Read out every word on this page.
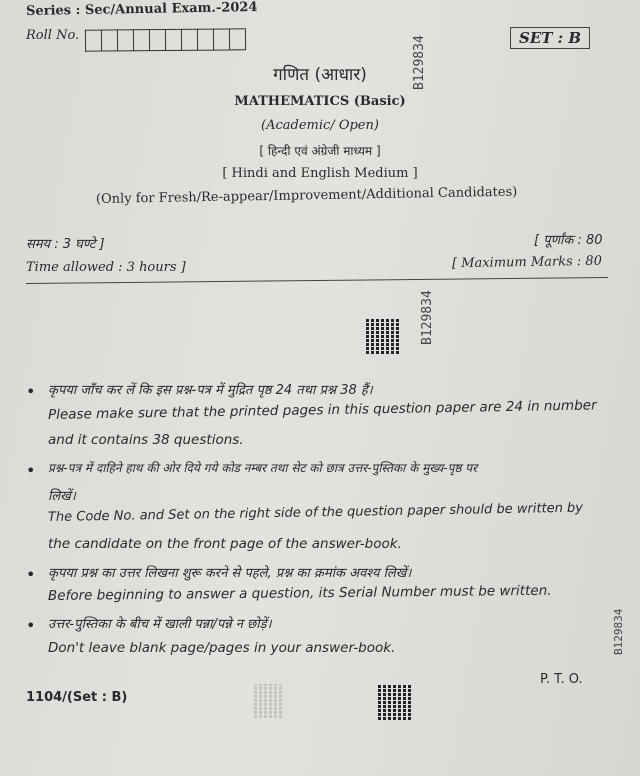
Series : Sec/Annual Exam.-2024
Roll No.	SET : B
B129834
B129834
B129834
गणित (आधार)
MATHEMATICS (Basic)
(Academic/ Open)
[ हिन्दी एवं अंग्रेजी माध्यम ]
[ Hindi and English Medium ]
(Only for Fresh/Re-appear/Improvement/Additional Candidates)
समय : 3 घण्टे ]	[ पूर्णांक : 80
Time allowed : 3 hours ]	[ Maximum Marks : 80
• कृपया जाँच कर लें कि इस प्रश्न-पत्र में मुद्रित पृष्ठ 24 तथा प्रश्न 38 हैं।
Please make sure that the printed pages in this question paper are 24 in number
and it contains 38 questions.
• प्रश्न-पत्र में दाहिने हाथ की ओर दिये गये कोड नम्बर तथा सेट को छात्र उत्तर-पुस्तिका के मुख्य-पृष्ठ पर
लिखें।
The Code No. and Set on the right side of the question paper should be written by
the candidate on the front page of the answer-book.
• कृपया प्रश्न का उत्तर लिखना शुरू करने से पहले, प्रश्न का क्रमांक अवश्य लिखें।
Before beginning to answer a question, its Serial Number must be written.
• उत्तर-पुस्तिका के बीच में खाली पन्ना/पन्ने न छोड़ें।
Don't leave blank page/pages in your answer-book.
P. T. O.
1104/(Set : B)
